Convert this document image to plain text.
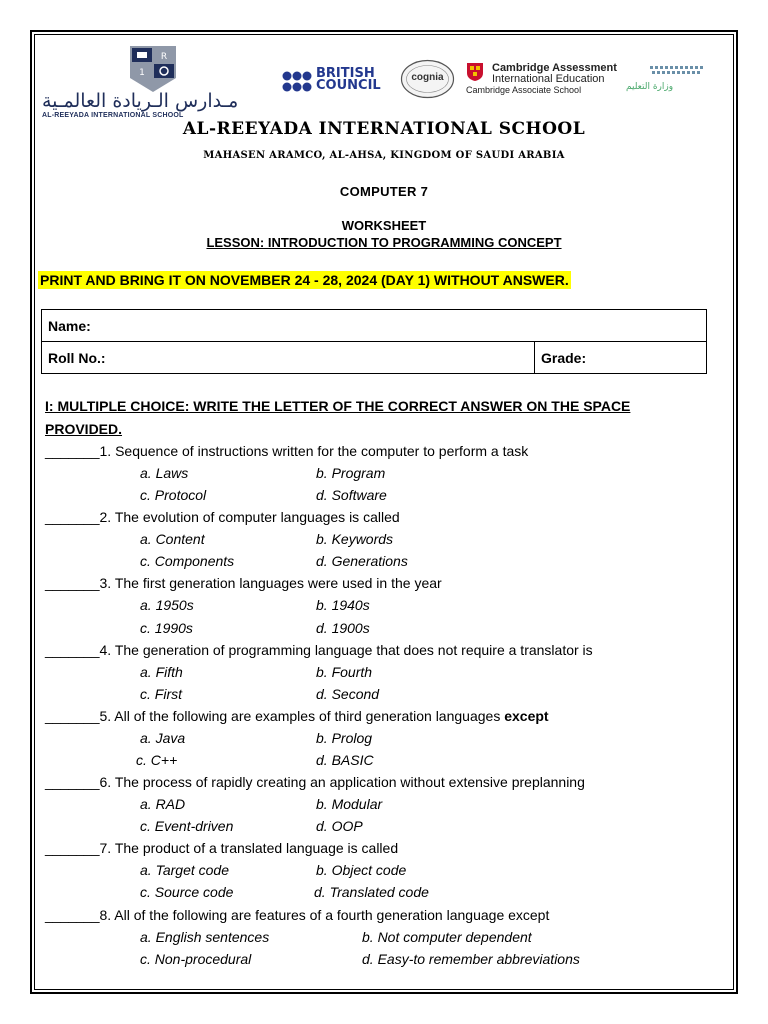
R
1
مـدارس الـريادة العالمـية
AL-REEYADA INTERNATIONAL SCHOOL
BRITISH
COUNCIL
cognia
Cambridge Assessment
International Education
Cambridge Associate School	وزارة التعليم
AL-REEYADA INTERNATIONAL SCHOOL
MAHASEN ARAMCO, AL-AHSA, KINGDOM OF SAUDI ARABIA
COMPUTER 7
WORKSHEET
LESSON: INTRODUCTION TO PROGRAMMING CONCEPT
PRINT AND BRING IT ON NOVEMBER 24 - 28, 2024 (DAY 1) WITHOUT ANSWER.
Name:
Roll No.:	Grade:
I: MULTIPLE CHOICE: WRITE THE LETTER OF THE CORRECT ANSWER ON THE SPACE
PROVIDED.
_______1. Sequence of instructions written for the computer to perform a task
a. Laws	b. Program
c. Protocol	d. Software
_______2. The evolution of computer languages is called
a. Content	b. Keywords
c. Components	d. Generations
_______3. The first generation languages were used in the year
a. 1950s	b. 1940s
c. 1990s	d. 1900s
_______4. The generation of programming language that does not require a translator is
a. Fifth	b. Fourth
c. First	d. Second
_______5. All of the following are examples of third generation languages except
a. Java	b. Prolog
c. C++	d. BASIC
_______6. The process of rapidly creating an application without extensive preplanning
a. RAD	b. Modular
c. Event-driven	d. OOP
_______7. The product of a translated language is called
a. Target code	b. Object code
c. Source code	d. Translated code
_______8. All of the following are features of a fourth generation language except
a. English sentences	b. Not computer dependent
c. Non-procedural	d. Easy-to remember abbreviations
